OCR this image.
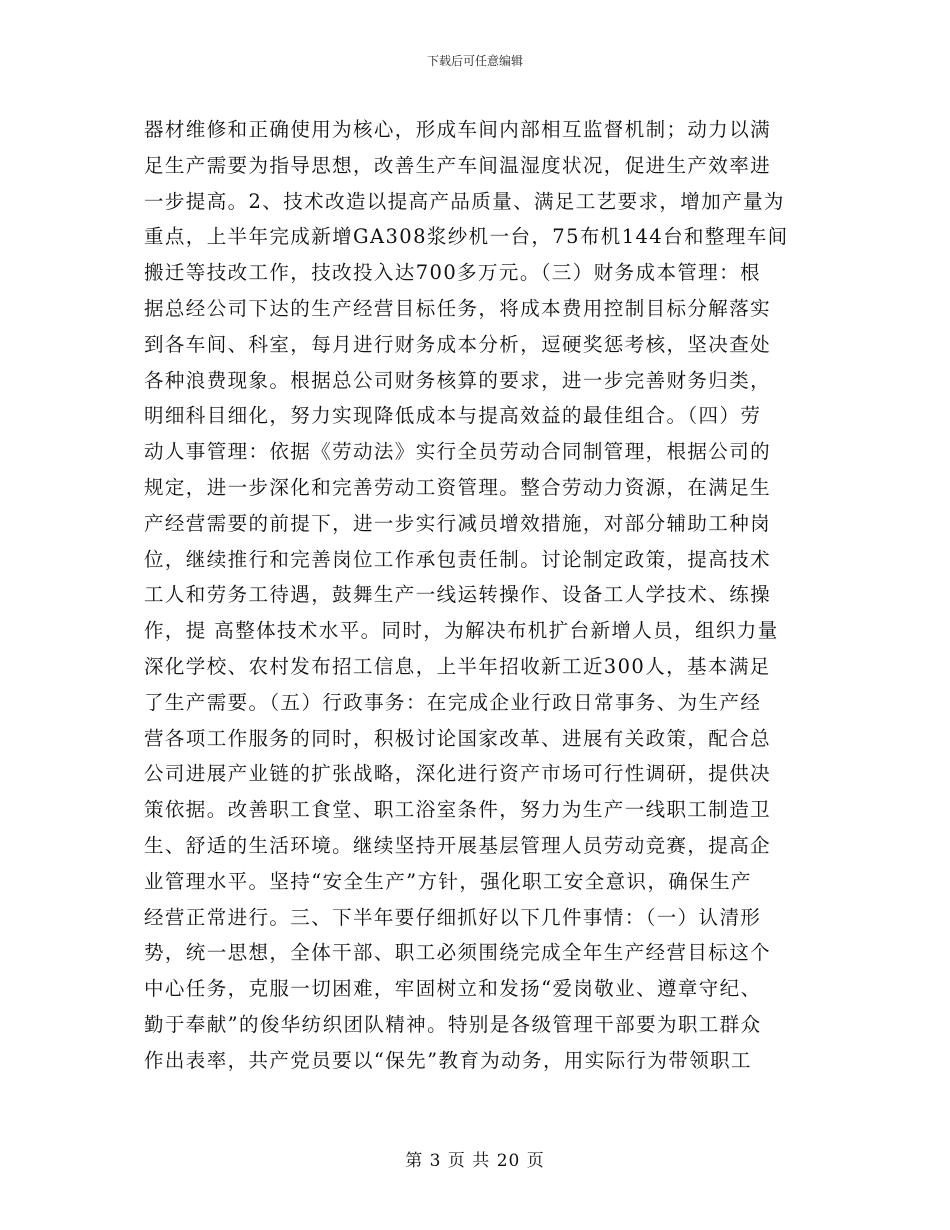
下载后可任意编辑
器材维修和正确使用为核心，形成车间内部相互监督机制；动力以满
足生产需要为指导思想，改善生产车间温湿度状况，促进生产效率进
一步提高。2、技术改造以提高产品质量、满足工艺要求，增加产量为
重点，上半年完成新增GA308浆纱机一台，75布机144台和整理车间
搬迁等技改工作，技改投入达700多万元。（三）财务成本管理：根
据总经公司下达的生产经营目标任务，将成本费用控制目标分解落实
到各车间、科室，每月进行财务成本分析，逗硬奖惩考核，坚决查处
各种浪费现象。根据总公司财务核算的要求，进一步完善财务归类，
明细科目细化，努力实现降低成本与提高效益的最佳组合。（四）劳
动人事管理：依据《劳动法》实行全员劳动合同制管理，根据公司的
规定，进一步深化和完善劳动工资管理。整合劳动力资源，在满足生
产经营需要的前提下，进一步实行减员增效措施，对部分辅助工种岗
位，继续推行和完善岗位工作承包责任制。讨论制定政策，提高技术
工人和劳务工待遇，鼓舞生产一线运转操作、设备工人学技术、练操
作，提 高整体技术水平。同时，为解决布机扩台新增人员，组织力量
深化学校、农村发布招工信息，上半年招收新工近300人，基本满足
了生产需要。（五）行政事务：在完成企业行政日常事务、为生产经
营各项工作服务的同时，积极讨论国家改革、进展有关政策，配合总
公司进展产业链的扩张战略，深化进行资产市场可行性调研，提供决
策依据。改善职工食堂、职工浴室条件，努力为生产一线职工制造卫
生、舒适的生活环境。继续坚持开展基层管理人员劳动竞赛，提高企
业管理水平。坚持“安全生产”方针，强化职工安全意识，确保生产
经营正常进行。三、下半年要仔细抓好以下几件事情：（一）认清形
势，统一思想，全体干部、职工必须围绕完成全年生产经营目标这个
中心任务，克服一切困难，牢固树立和发扬“爱岗敬业、遵章守纪、
勤于奉献”的俊华纺织团队精神。特别是各级管理干部要为职工群众
作出表率，共产党员要以“保先”教育为动务，用实际行为带领职工
第 3 页 共 20 页
